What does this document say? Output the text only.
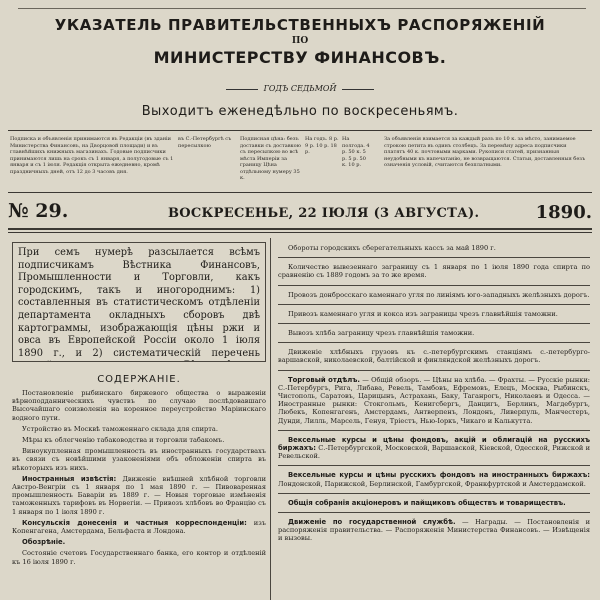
УКАЗАТЕЛЬ ПРАВИТЕЛЬСТВЕННЫХЪ РАСПОРЯЖЕНІЙ
ПО
МИНИСТЕРСТВУ ФИНАНСОВЪ.
ГОДЪ СЕДЬМОЙ
Выходитъ еженедѣльно по воскресеньямъ.
Подписка и объявленія принимаются въ Редакціи (въ зданіи Министерства Финансовъ, на Дворцовой площади) и въ главнѣйшихъ книжныхъ магазинахъ. Годовые подписчики принимаются лишь на срокъ съ 1 января, а полугодовые съ 1 января и съ 1 іюля. Редакція открыта ежедневно, кромѣ праздничныхъ дней, отъ 12 до 3 часовъ дня.
въ С.-Петербургѣ съ пересылкою
Подписная цѣна: безъ доставки съ доставкою съ пересылкою во всѣ мѣста Имперіи за границу Цѣна отдѣльному нумеру 35 к.
На годъ. 8 р. 9 р. 10 р. 18 р.
На полгода. 4 р. 50 к. 5 р. 5 р. 50 к. 10 р.
За объявленія взимается за каждый разъ по 10 к. за мѣсто, занимаемое строкою петита въ одинъ столбецъ. За перемѣну адреса подписчики платятъ 40 к. почтовыми марками. Рукописи статей, признанныя неудобными къ напечатанію, не возвращаются. Статьи, доставленныя безъ означенія условій, считаются безплатными.
№ 29.	ВОСКРЕСЕНЬЕ, 22 ІЮЛЯ (3 АВГУСТА).	1890.
При семъ нумерѣ разсылается всѣмъ подписчикамъ Вѣстника Финансовъ, Промышленности и Торговли, какъ городскимъ, такъ и иногороднимъ: 1) составленныя въ статистическомъ отдѣленіи департамента окладныхъ сборовъ двѣ картограммы, изображающія цѣны ржи и овса въ Европейской Россіи около 1 іюля 1890 г., и 2) систематическій перечень
СОДЕРЖАНІЕ.

Постановленіе рыбинскаго биржевого общества о выраженіи вѣрноподданническихъ чувствъ по случаю послѣдовавшаго Высочайшаго соизволенія на коренное переустройство Маріинскаго водного пути.

Устройство въ Москвѣ таможеннаго склада для спирта.

Мѣры къ облегченію табаководства и торговли табакомъ.

Виноукупленная промышленность въ иностранныхъ государствахъ въ связи съ новѣйшими узаконеніями объ обложеніи спирта въ нѣкоторыхъ изъ нихъ.

Иностранныя извѣстія: Движеніе внѣшней хлѣбной торговли Австро-Венгріи съ 1 января по 1 мая 1890 г. — Пивоваренная промышленность Баваріи въ 1889 г. — Новыя торговые измѣненія таможенныхъ тарифовъ въ Норвегіи. — Привозъ хлѣбовъ во Францію съ 1 января по 1 іюля 1890 г.

Консульскія донесенія и частныя корреспонденціи: изъ Копенгагена, Амстердама, Бельфаста и Лондона.

Обозрѣніе.

Состояніе счетовъ Государственнаго банка, его контор и отдѣленій къ 16 іюля 1890 г.

Обороты городскихъ сберегательныхъ кассъ за май 1890 г.

Количество вывезеннаго заграницу съ 1 января по 1 іюля 1890 года спирта по сравненію съ 1889 годомъ за то же время.

Провозъ донбросскаго каменнаго угля по линіямъ юго-западныхъ желѣзныхъ дорогъ.

Привозъ каменнаго угля и кокса изъ заграницы чрезъ главнѣйшія таможни.

Вывозъ хлѣба заграницу чрезъ главнѣйшія таможни.

Движеніе хлѣбныхъ грузовъ къ с.-петербургскимъ станціямъ с.-петербурго-варшавской, николаевской, балтійской и финляндской желѣзныхъ дорогъ.

Торговый отдѣлъ. — Общій обзоръ. — Цѣны на хлѣба. — Фрахты. — Русскіе рынки: С.-Петербургъ, Рига, Либава, Ревель, Тамбовъ, Ефремовъ, Елецъ, Москва, Рыбинскъ, Чистополь, Саратовъ, Царицынъ, Астрахань, Баку, Таганрогъ, Николаевъ и Одесса. — Иностранные рынки: Стокгольмъ, Кенигсбергъ, Данцигъ, Берлинъ, Магдебургъ, Любекъ, Копенгагенъ, Амстердамъ, Антверпенъ, Лондонъ, Ливерпуль, Манчестеръ, Дунди, Лилль, Марсель, Генуя, Тріестъ, Нью-Іоркъ, Чикаго и Калькутта.

Вексельные курсы и цѣны фондовъ, акцій и облигацій на русскихъ биржахъ: С.-Петербургской, Московской, Варшавской, Кіевской, Одесской, Рижской и Ревельской.

Вексельные курсы и цѣны русскихъ фондовъ на иностранныхъ биржахъ: Лондонской, Парижской, Берлинской, Гамбургской, Франкфуртской и Амстердамской.

Общія собранія акціонеровъ и пайщиковъ обществъ и товариществъ.

Движеніе по государственной службѣ. — Награды. — Постановленія и распоряженія правительства. — Распоряженія Министерства Финансовъ. — Извѣщенія и вызовы.
